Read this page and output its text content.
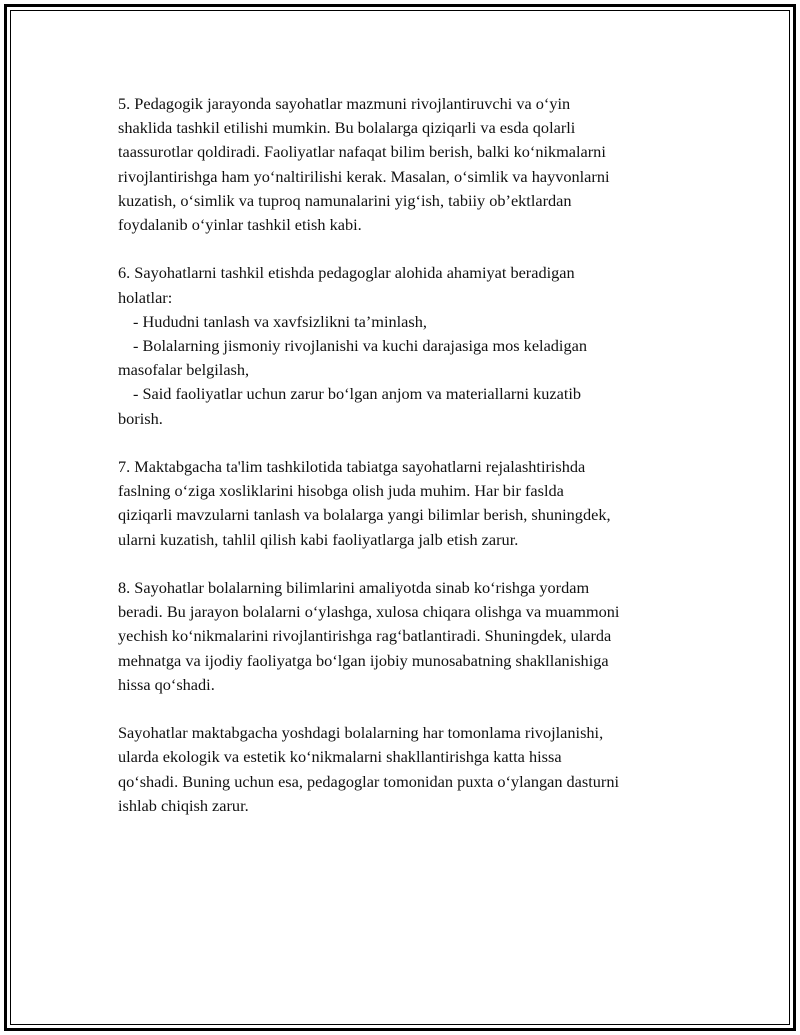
5. Pedagogik jarayonda sayohatlar mazmuni rivojlantiruvchi va o‘yin
shaklida tashkil etilishi mumkin. Bu bolalarga qiziqarli va esda qolarli
taassurotlar qoldiradi. Faoliyatlar nafaqat bilim berish, balki ko‘nikmalarni
rivojlantirishga ham yo‘naltirilishi kerak. Masalan, o‘simlik va hayvonlarni
kuzatish, o‘simlik va tuproq namunalarini yig‘ish, tabiiy ob’ektlardan
foydalanib o‘yinlar tashkil etish kabi.

6. Sayohatlarni tashkil etishda pedagoglar alohida ahamiyat beradigan
holatlar:
- Hududni tanlash va xavfsizlikni ta’minlash,
- Bolalarning jismoniy rivojlanishi va kuchi darajasiga mos keladigan
masofalar belgilash,
- Said faoliyatlar uchun zarur bo‘lgan anjom va materiallarni kuzatib
borish.

7. Maktabgacha ta'lim tashkilotida tabiatga sayohatlarni rejalashtirishda
faslning o‘ziga xosliklarini hisobga olish juda muhim. Har bir faslda
qiziqarli mavzularni tanlash va bolalarga yangi bilimlar berish, shuningdek,
ularni kuzatish, tahlil qilish kabi faoliyatlarga jalb etish zarur.

8. Sayohatlar bolalarning bilimlarini amaliyotda sinab ko‘rishga yordam
beradi. Bu jarayon bolalarni o‘ylashga, xulosa chiqara olishga va muammoni
yechish ko‘nikmalarini rivojlantirishga rag‘batlantiradi. Shuningdek, ularda
mehnatga va ijodiy faoliyatga bo‘lgan ijobiy munosabatning shakllanishiga
hissa qo‘shadi.

Sayohatlar maktabgacha yoshdagi bolalarning har tomonlama rivojlanishi,
ularda ekologik va estetik ko‘nikmalarni shakllantirishga katta hissa
qo‘shadi. Buning uchun esa, pedagoglar tomonidan puxta o‘ylangan dasturni
ishlab chiqish zarur.
